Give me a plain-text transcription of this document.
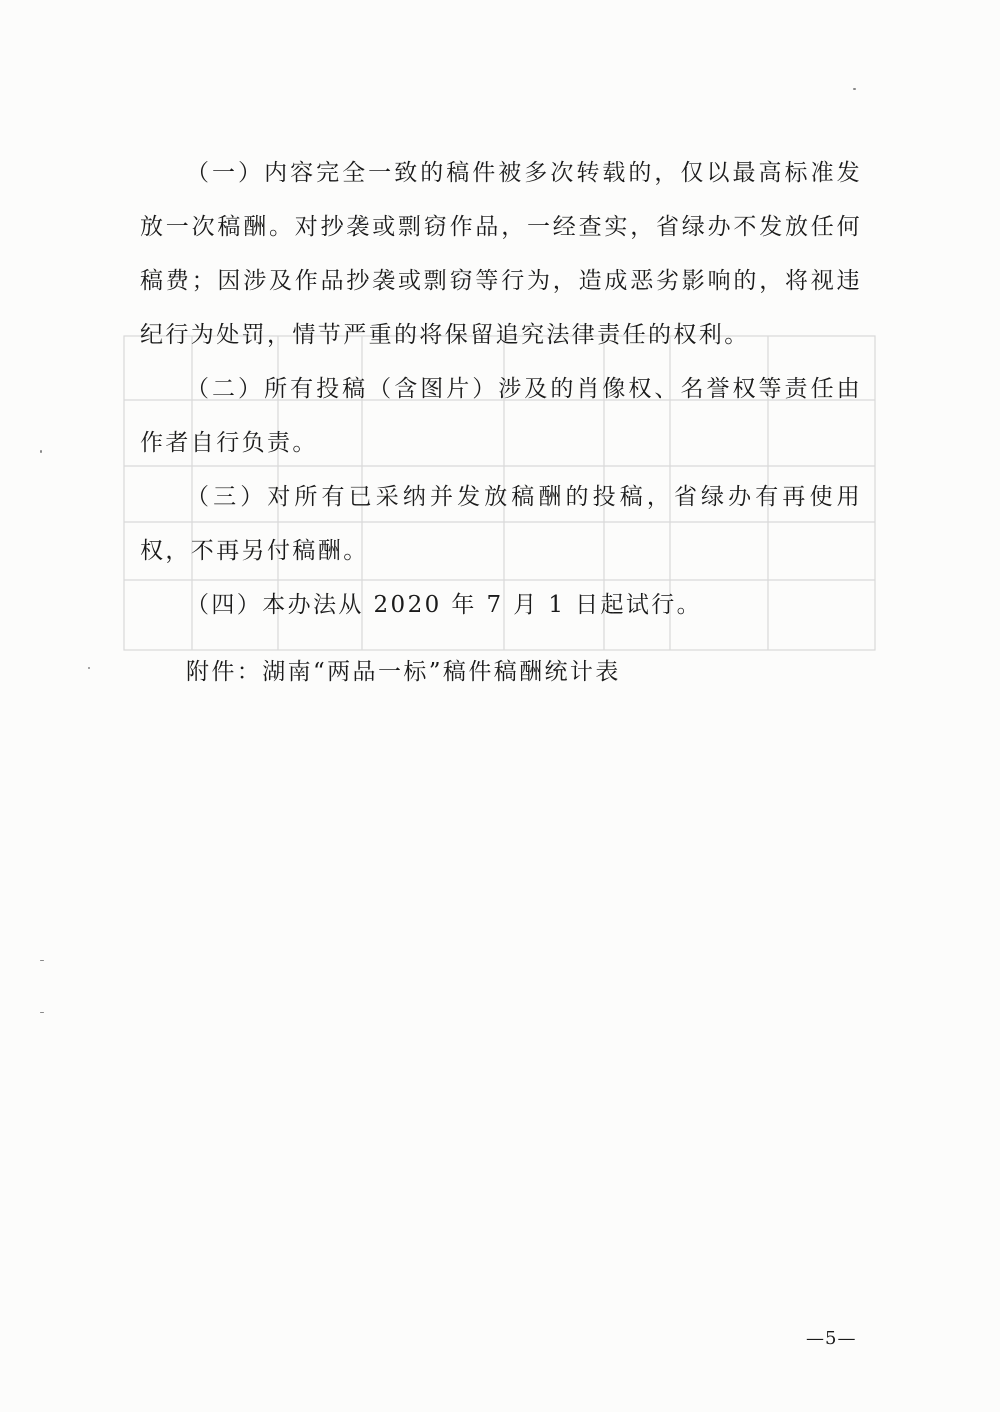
（一）内容完全一致的稿件被多次转载的，仅以最高标准发放一次稿酬。对抄袭或剽窃作品，一经查实，省绿办不发放任何稿费；因涉及作品抄袭或剽窃等行为，造成恶劣影响的，将视违纪行为处罚，情节严重的将保留追究法律责任的权利。

（二）所有投稿（含图片）涉及的肖像权、名誉权等责任由作者自行负责。

（三）对所有已采纳并发放稿酬的投稿，省绿办有再使用权，不再另付稿酬。

（四）本办法从 2020 年 7 月 1 日起试行。

附件：湖南“两品一标”稿件稿酬统计表

—5—
